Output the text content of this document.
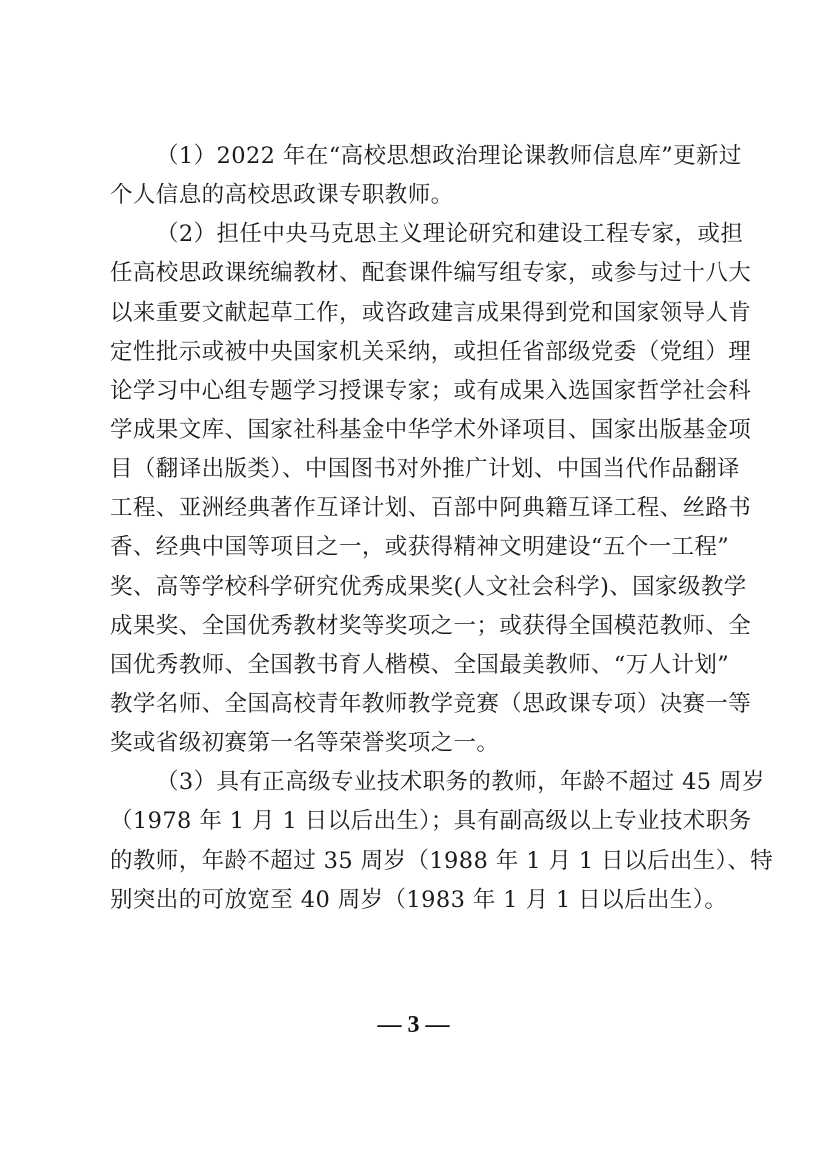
（1）2022 年在“高校思想政治理论课教师信息库”更新过
个人信息的高校思政课专职教师。
（2）担任中央马克思主义理论研究和建设工程专家，或担
任高校思政课统编教材、配套课件编写组专家，或参与过十八大
以来重要文献起草工作，或咨政建言成果得到党和国家领导人肯
定性批示或被中央国家机关采纳，或担任省部级党委（党组）理
论学习中心组专题学习授课专家；或有成果入选国家哲学社会科
学成果文库、国家社科基金中华学术外译项目、国家出版基金项
目（翻译出版类）、中国图书对外推广计划、中国当代作品翻译
工程、亚洲经典著作互译计划、百部中阿典籍互译工程、丝路书
香、经典中国等项目之一，或获得精神文明建设“五个一工程”
奖、高等学校科学研究优秀成果奖(人文社会科学)、国家级教学
成果奖、全国优秀教材奖等奖项之一；或获得全国模范教师、全
国优秀教师、全国教书育人楷模、全国最美教师、“万人计划”
教学名师、全国高校青年教师教学竞赛（思政课专项）决赛一等
奖或省级初赛第一名等荣誉奖项之一。
（3）具有正高级专业技术职务的教师，年龄不超过 45 周岁
（1978 年 1 月 1 日以后出生）；具有副高级以上专业技术职务
的教师，年龄不超过 35 周岁（1988 年 1 月 1 日以后出生）、特
别突出的可放宽至 40 周岁（1983 年 1 月 1 日以后出生）。
— 3 —
